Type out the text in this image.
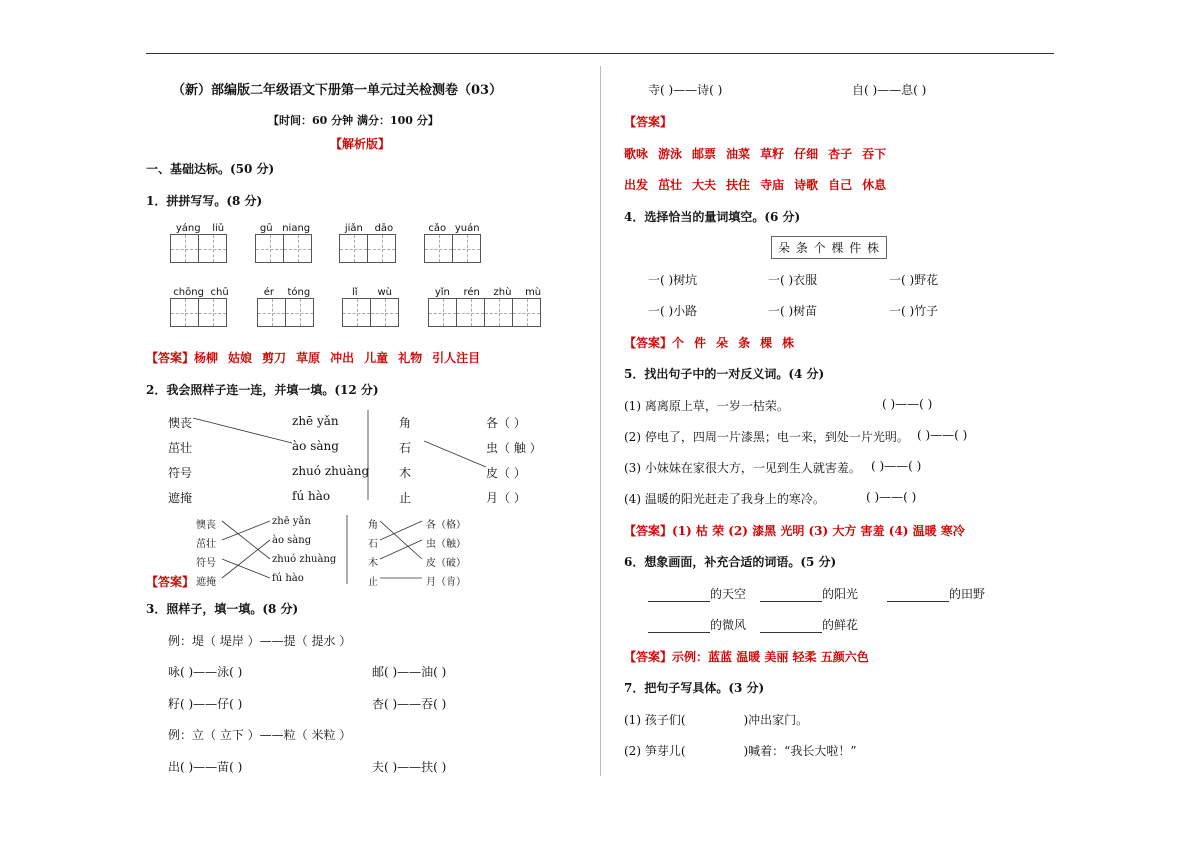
（新）部编版二年级语文下册第一单元过关检测卷（03）
【时间：60 分钟 满分：100 分】
【解析版】
一、基础达标。(50 分)
1．拼拼写写。(8 分)
yáng liǔ	gū niang	jiǎn dāo	cǎo yuán
chōng chū	ér tóng	lǐ wù	yǐn rén zhù mù
【答案】杨柳 姑娘 剪刀 草原 冲出 儿童 礼物 引人注目
2．我会照样子连一连，并填一填。(12 分)
懊丧
茁壮
符号
遮掩
zhē yǎn
ào sàng
zhuó zhuàng
fú hào
角
石
木
止
各（ ）
虫（ 触 ）
皮（ ）
月（ ）
懊丧
茁壮
符号
遮掩
zhē yǎn
ào sàng
zhuó zhuàng
fú hào
角
石
木
止
各（格）
虫（触）
皮（破）
月（肯）
【答案】
3．照样子，填一填。(8 分)
例：堤（ 堤岸 ）——提（ 提水 ）
咏( )——泳( )	邮( )——油( )
籽( )——仔( )	杏( )——吞( )
例：立（ 立下 ）——粒（ 米粒 ）
出( )——苗( )	夫( )——扶( )
寺( )——诗( )	自( )——息( )
【答案】
歌咏 游泳 邮票 油菜 草籽 仔细 杏子 吞下
出发 茁壮 大夫 扶住 寺庙 诗歌 自己 休息
4．选择恰当的量词填空。(6 分)
朵 条 个 棵 件 株
一( )树坑	一( )衣服	一( )野花
一( )小路	一( )树苗	一( )竹子
【答案】个 件 朵 条 棵 株
5．找出句子中的一对反义词。(4 分)
(1) 离离原上草，一岁一枯荣。	( )——( )
(2) 停电了，四周一片漆黑；电一来，到处一片光明。 ( )——( )
(3) 小妹妹在家很大方，一见到生人就害羞。 ( )——( )
(4) 温暖的阳光赶走了我身上的寒冷。	( )——( )
【答案】(1) 枯 荣 (2) 漆黑 光明 (3) 大方 害羞 (4) 温暖 寒冷
6．想象画面，补充合适的词语。(5 分)
的天空	的阳光	的田野
的微风	的鲜花
【答案】示例：蓝蓝 温暖 美丽 轻柔 五颜六色
7．把句子写具体。(3 分)
(1) 孩子们(	)冲出家门。
(2) 笋芽儿(	)喊着：“我长大啦！”
